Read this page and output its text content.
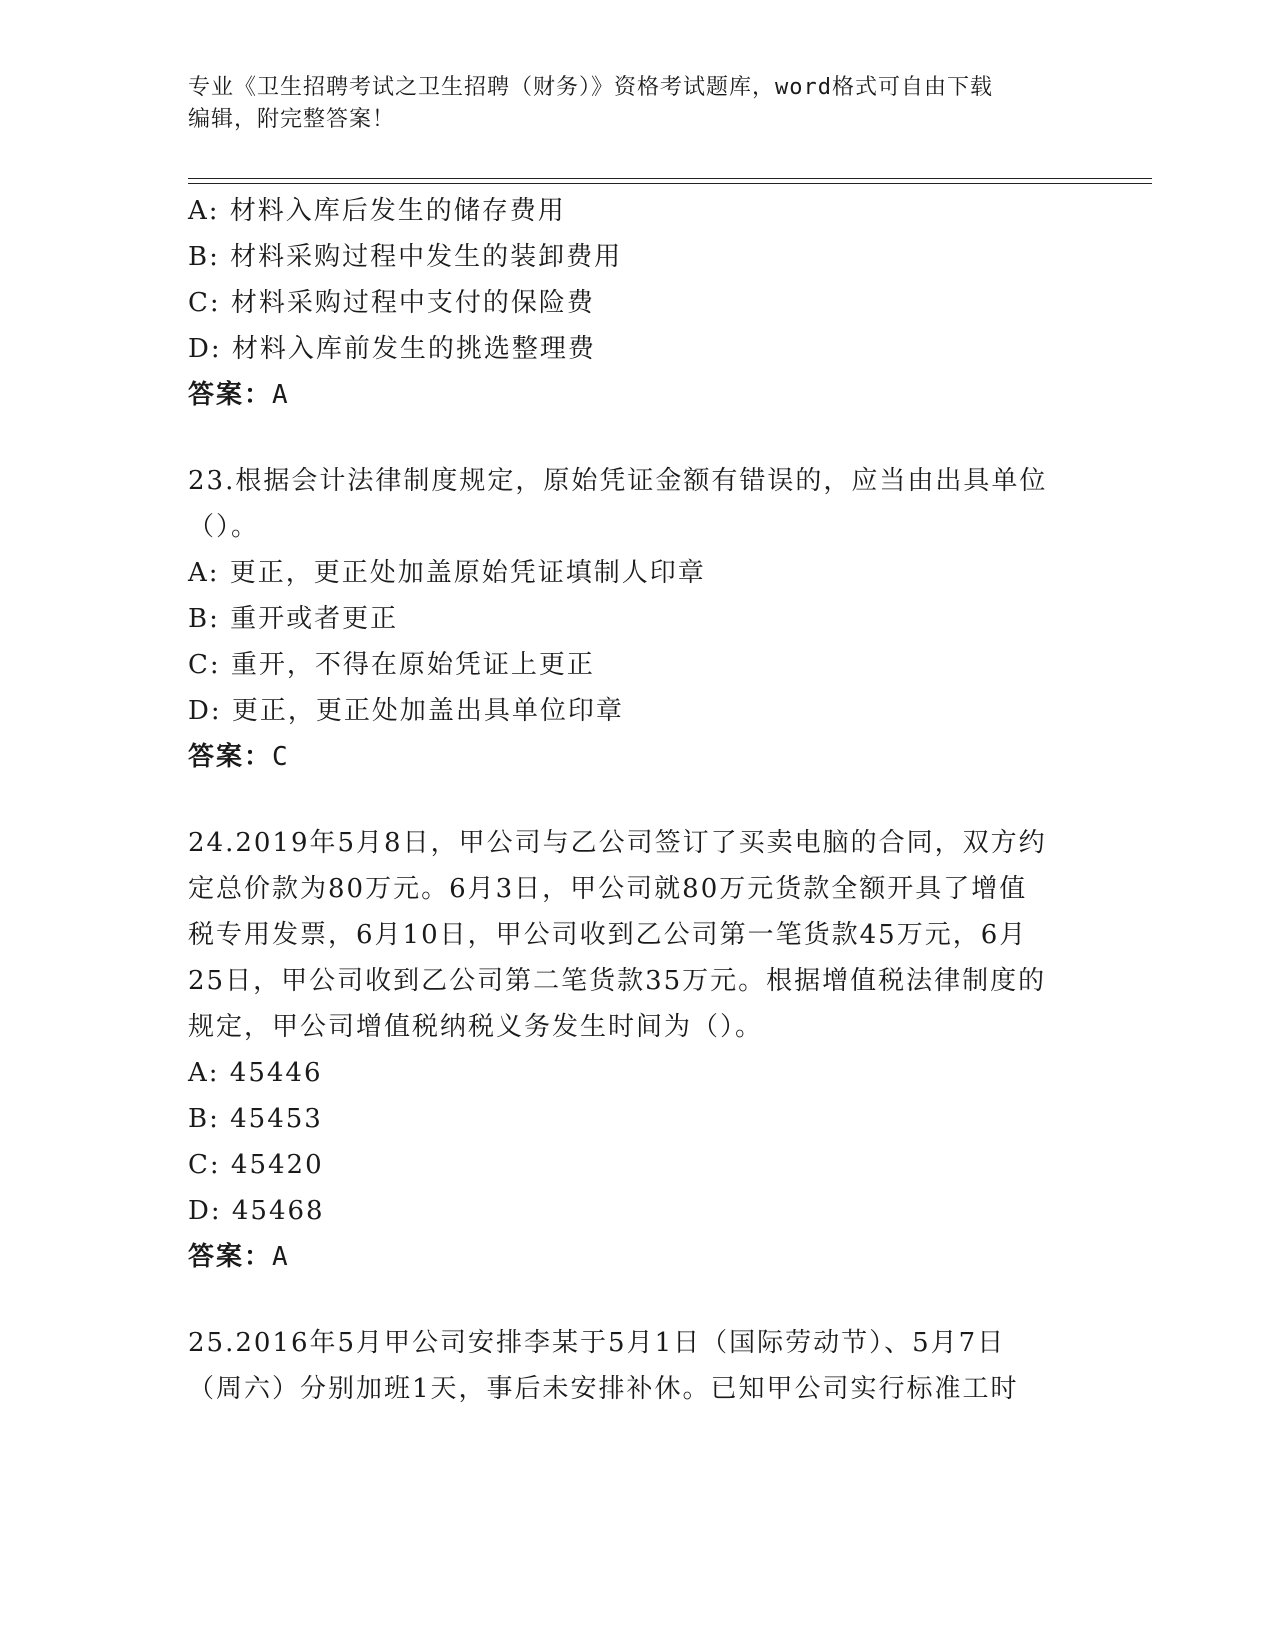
专业《卫生招聘考试之卫生招聘（财务）》资格考试题库，word格式可自由下载
编辑，附完整答案！

A: 材料入库后发生的储存费用

B: 材料采购过程中发生的装卸费用

C: 材料采购过程中支付的保险费

D: 材料入库前发生的挑选整理费

答案：A

23.根据会计法律制度规定，原始凭证金额有错误的，应当由出具单位

（）。

A: 更正，更正处加盖原始凭证填制人印章

B: 重开或者更正

C: 重开，不得在原始凭证上更正

D: 更正，更正处加盖出具单位印章

答案：C

24.2019年5月8日，甲公司与乙公司签订了买卖电脑的合同，双方约

定总价款为80万元。6月3日，甲公司就80万元货款全额开具了增值

税专用发票，6月10日，甲公司收到乙公司第一笔货款45万元，6月

25日，甲公司收到乙公司第二笔货款35万元。根据增值税法律制度的

规定，甲公司增值税纳税义务发生时间为（）。

A: 45446

B: 45453

C: 45420

D: 45468

答案：A

25.2016年5月甲公司安排李某于5月1日（国际劳动节）、5月7日

（周六）分别加班1天，事后未安排补休。已知甲公司实行标准工时
